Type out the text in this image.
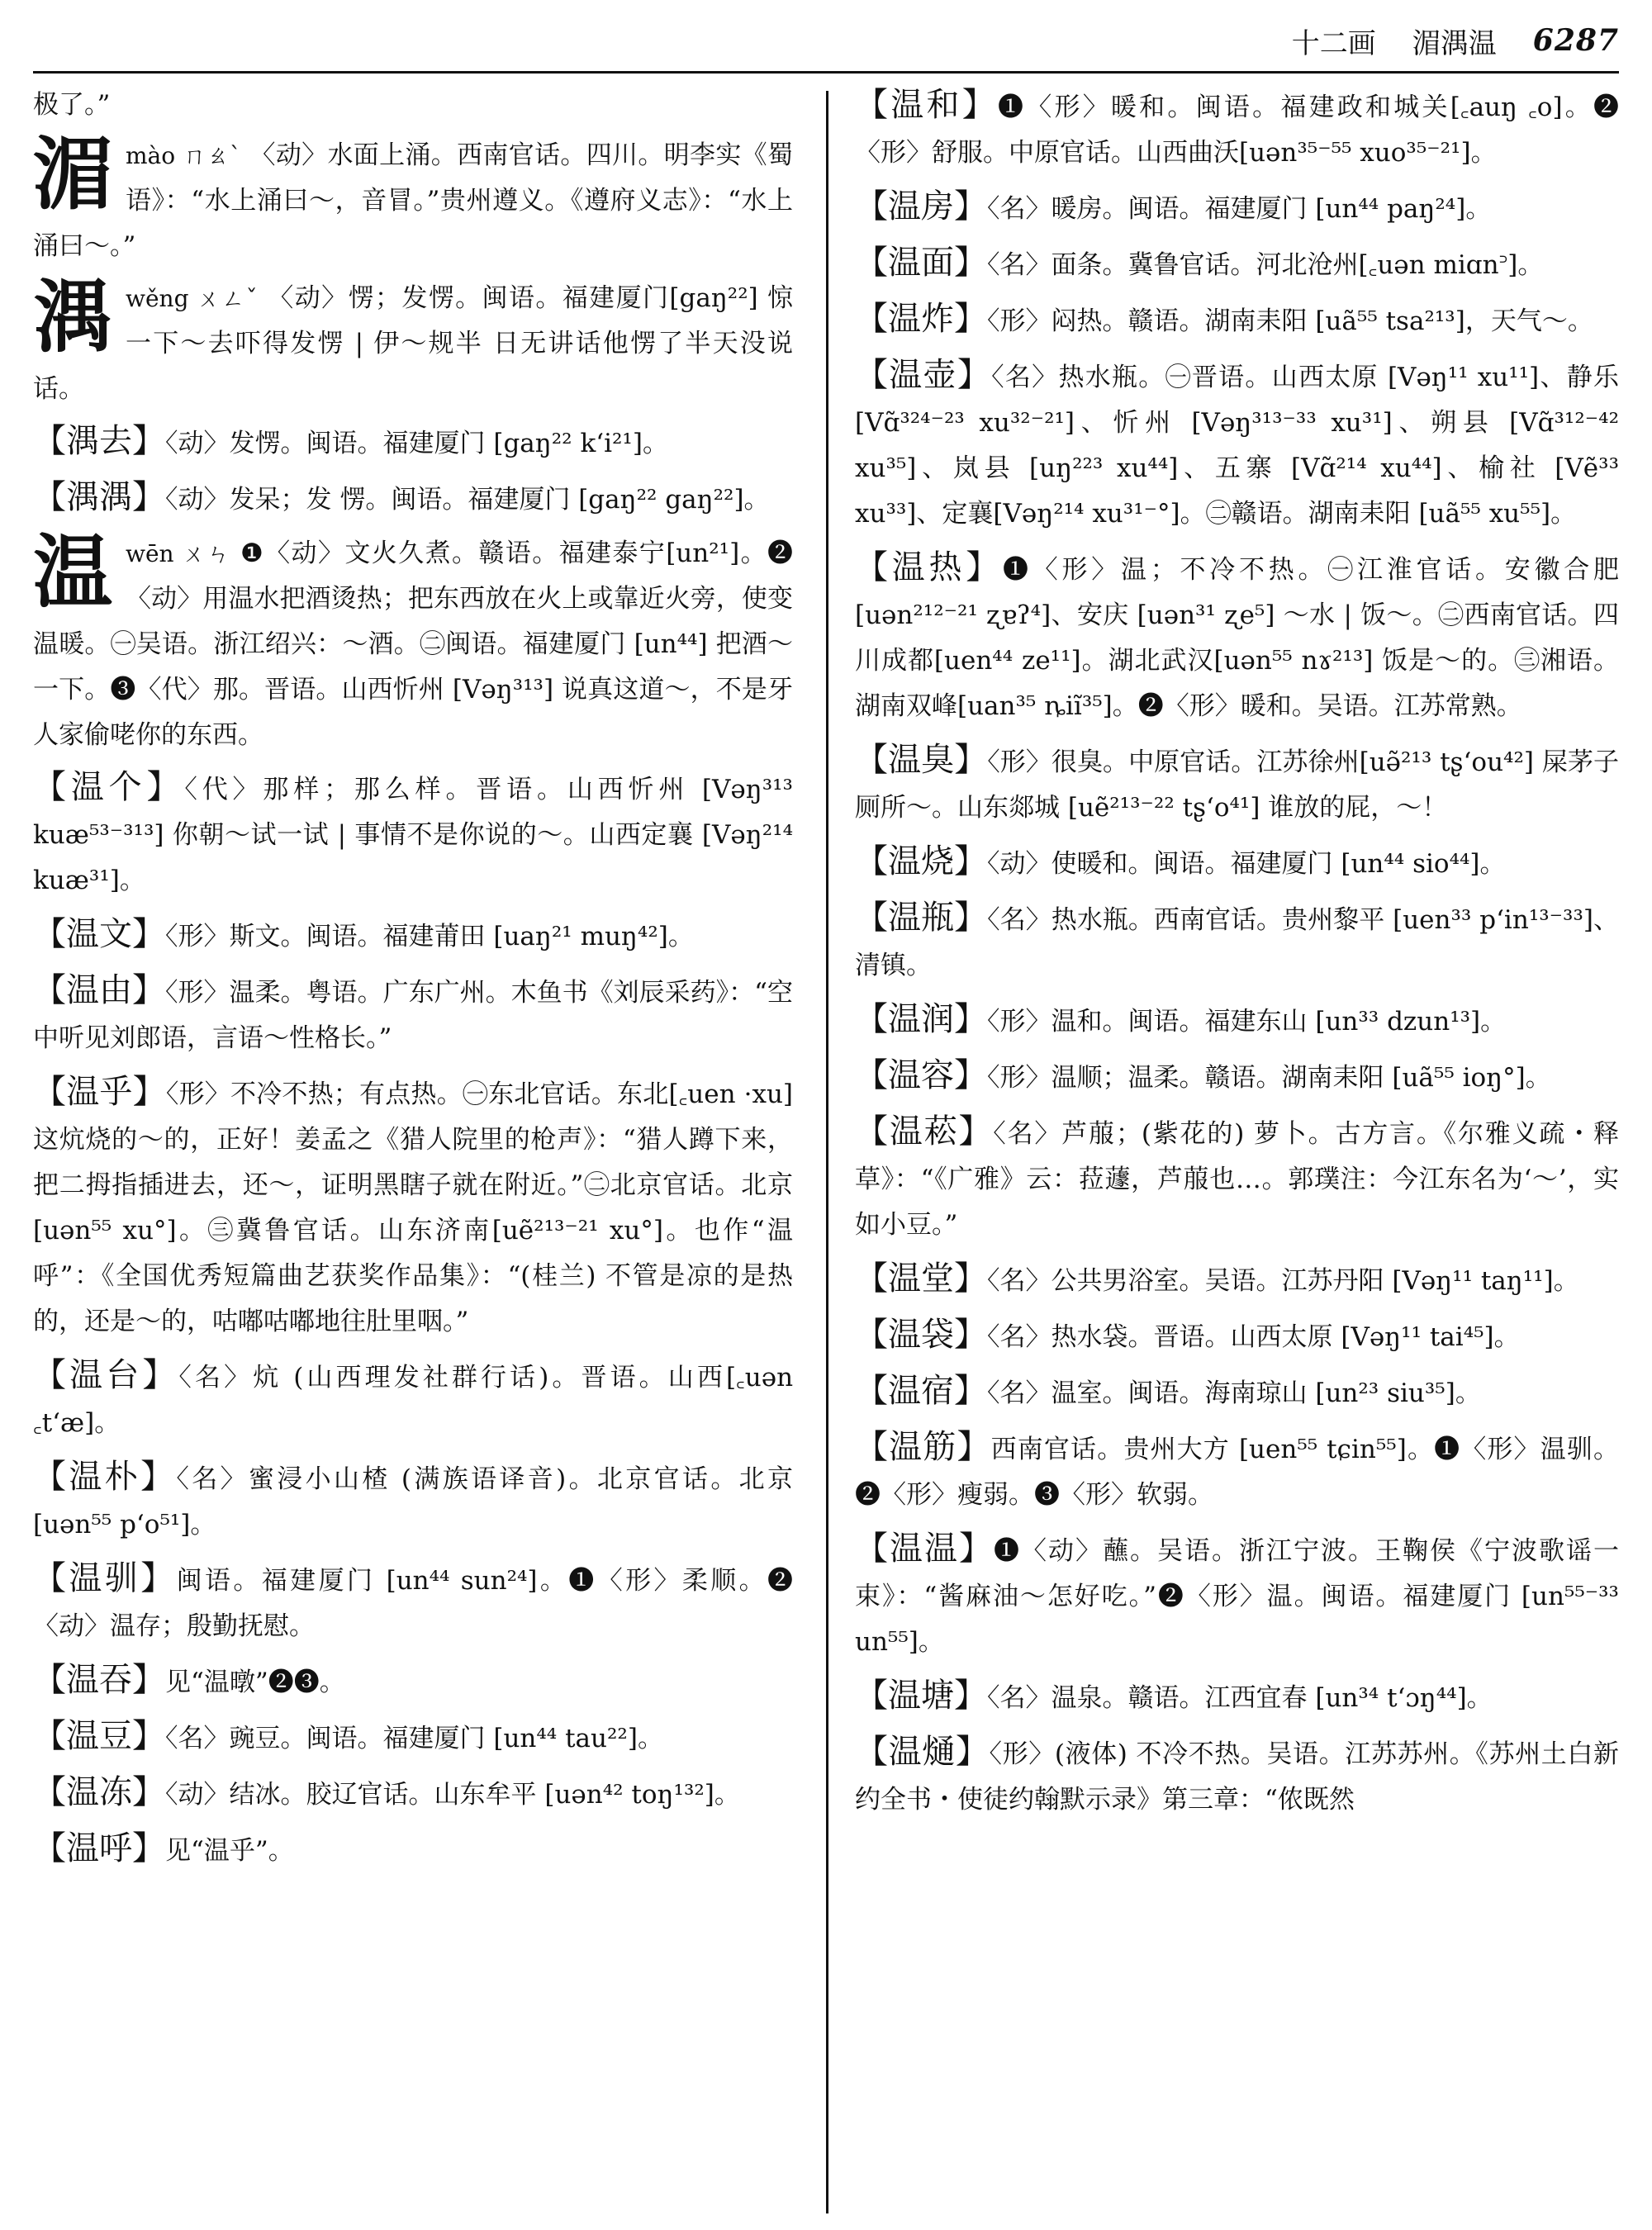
十二画 湄湡温 6287
极了。”
湄 mào ㄇㄠˋ 〈动〉水面上涌。西南官话。四川。明李实《蜀语》：“水上涌曰～，音冒。”贵州遵义。《遵府义志》：“水上涌曰～。”
湡 wěng ㄨㄥˇ 〈动〉愣；发愣。闽语。福建厦门[gaŋ²²] 惊一下～去吓得发愣 | 伊～规半 日无讲话他愣了半天没说话。
【湡去】〈动〉发愣。闽语。福建厦门 [gaŋ²² k‘i²¹]。
【湡湡】〈动〉发呆；发 愣。闽语。福建厦门 [gaŋ²² gaŋ²²]。
温 wēn ㄨㄣ ❶〈动〉文火久煮。赣语。福建泰宁[un²¹]。❷〈动〉用温水把酒烫热；把东西放在火上或靠近火旁，使变温暖。㊀吴语。浙江绍兴：～酒。㊁闽语。福建厦门 [un⁴⁴] 把酒～一下。❸〈代〉那。晋语。山西忻州 [Vəŋ³¹³] 说真这道～，不是牙人家偷咾你的东西。
【温个】〈代〉那样；那么样。晋语。山西忻州 [Vəŋ³¹³ kuæ⁵³⁻³¹³] 你朝～试一试 | 事情不是你说的～。山西定襄 [Vəŋ²¹⁴ kuæ³¹]。
【温文】〈形〉斯文。闽语。福建莆田 [uaŋ²¹ muŋ⁴²]。
【温由】〈形〉温柔。粤语。广东广州。木鱼书《刘辰采药》：“空中听见刘郎语，言语～性格长。”
【温乎】〈形〉不冷不热；有点热。㊀东北官话。东北[꜀uen ·xu] 这炕烧的～的，正好！姜孟之《猎人院里的枪声》：“猎人蹲下来，把二拇指插进去，还～，证明黑瞎子就在附近。”㊁北京官话。北京[uən⁵⁵ xu°]。㊂冀鲁官话。山东济南[uẽ²¹³⁻²¹ xu°]。也作“温呼”：《全国优秀短篇曲艺获奖作品集》：“(桂兰) 不管是凉的是热的，还是～的，咕嘟咕嘟地往肚里咽。”
【温台】〈名〉炕 (山西理发社群行话)。晋语。山西[꜀uən ꜀t‘æ]。
【温朴】〈名〉蜜浸小山楂 (满族语译音)。北京官话。北京 [uən⁵⁵ p‘o⁵¹]。
【温驯】闽语。福建厦门 [un⁴⁴ sun²⁴]。❶〈形〉柔顺。❷〈动〉温存；殷勤抚慰。
【温吞】见“温暾”❷❸。
【温豆】〈名〉豌豆。闽语。福建厦门 [un⁴⁴ tau²²]。
【温冻】〈动〉结冰。胶辽官话。山东牟平 [uən⁴² toŋ¹³²]。
【温呼】见“温乎”。
【温和】❶〈形〉暖和。闽语。福建政和城关[꜀auŋ ꜀o]。❷〈形〉舒服。中原官话。山西曲沃[uən³⁵⁻⁵⁵ xuo³⁵⁻²¹]。
【温房】〈名〉暖房。闽语。福建厦门 [un⁴⁴ paŋ²⁴]。
【温面】〈名〉面条。冀鲁官话。河北沧州[꜀uən miɑn꜄]。
【温炸】〈形〉闷热。赣语。湖南耒阳 [uã⁵⁵ tsa²¹³]，天气～。
【温壶】〈名〉热水瓶。㊀晋语。山西太原 [Vəŋ¹¹ xu¹¹]、静乐 [Vɑ̃³²⁴⁻²³ xu³²⁻²¹]、忻州 [Vəŋ³¹³⁻³³ xu³¹]、朔县 [Vɑ̃³¹²⁻⁴² xu³⁵]、岚县 [uŋ²²³ xu⁴⁴]、五寨 [Vɑ̃²¹⁴ xu⁴⁴]、榆社 [Vẽ³³ xu³³]、定襄[Vəŋ²¹⁴ xu³¹⁻°]。㊁赣语。湖南耒阳 [uã⁵⁵ xu⁵⁵]。
【温热】❶〈形〉温；不冷不热。㊀江淮官话。安徽合肥[uən²¹²⁻²¹ ʐɐʔ⁴]、安庆 [uən³¹ ʐe⁵] ～水 | 饭～。㊁西南官话。四川成都[uen⁴⁴ ze¹¹]。湖北武汉[uən⁵⁵ nɤ²¹³] 饭是～的。㊂湘语。湖南双峰[uan³⁵ ȵiĩ³⁵]。❷〈形〉暖和。吴语。江苏常熟。
【温臭】〈形〉很臭。中原官话。江苏徐州[uə̃²¹³ tʂ‘ou⁴²] 屎茅子厕所～。山东郯城 [uẽ²¹³⁻²² tʂ‘o⁴¹] 谁放的屁，～！
【温烧】〈动〉使暖和。闽语。福建厦门 [un⁴⁴ sio⁴⁴]。
【温瓶】〈名〉热水瓶。西南官话。贵州黎平 [uen³³ p‘in¹³⁻³³]、清镇。
【温润】〈形〉温和。闽语。福建东山 [un³³ dzun¹³]。
【温容】〈形〉温顺；温柔。赣语。湖南耒阳 [uã⁵⁵ ioŋ°]。
【温菘】〈名〉芦菔；(紫花的) 萝卜。古方言。《尔雅义疏・释草》：“《广雅》云：菈蘧，芦菔也…。郭璞注：今江东名为‘～’，实如小豆。”
【温堂】〈名〉公共男浴室。吴语。江苏丹阳 [Vəŋ¹¹ taŋ¹¹]。
【温袋】〈名〉热水袋。晋语。山西太原 [Vəŋ¹¹ tai⁴⁵]。
【温宿】〈名〉温室。闽语。海南琼山 [un²³ siu³⁵]。
【温筋】西南官话。贵州大方 [uen⁵⁵ tɕin⁵⁵]。❶〈形〉温驯。❷〈形〉瘦弱。❸〈形〉软弱。
【温温】❶〈动〉蘸。吴语。浙江宁波。王鞠侯《宁波歌谣一束》：“酱麻油～怎好吃。”❷〈形〉温。闽语。福建厦门 [un⁵⁵⁻³³ un⁵⁵]。
【温塘】〈名〉温泉。赣语。江西宜春 [un³⁴ t‘ɔŋ⁴⁴]。
【温熥】〈形〉(液体) 不冷不热。吴语。江苏苏州。《苏州土白新约全书・使徒约翰默示录》第三章：“侬既然
